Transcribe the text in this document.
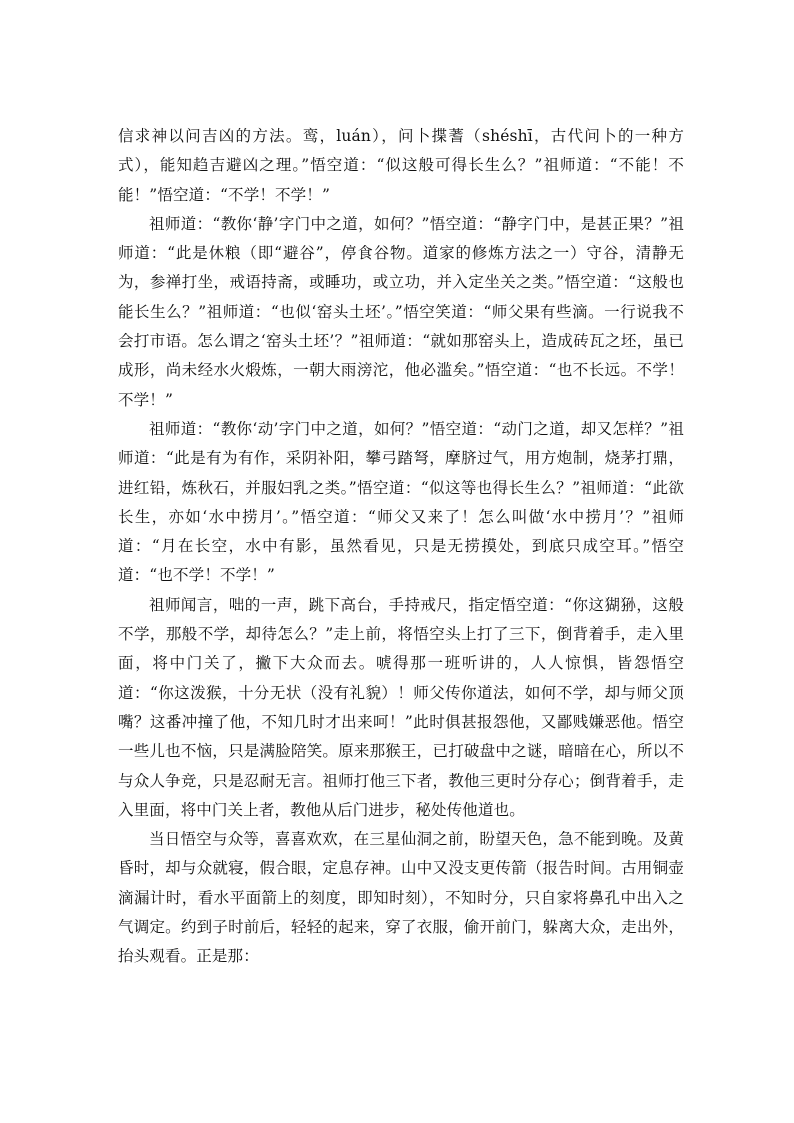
信求神以问吉凶的方法。鸾，luán），问卜揲蓍（shéshī，古代问卜的一种方式），能知趋吉避凶之理。”悟空道：“似这般可得长生么？”祖师道：“不能！不能！”悟空道：“不学！不学！”

祖师道：“教你‘静’字门中之道，如何？”悟空道：“静字门中，是甚正果？”祖师道：“此是休粮（即“避谷”，停食谷物。道家的修炼方法之一）守谷，清静无为，参禅打坐，戒语持斋，或睡功，或立功，并入定坐关之类。”悟空道：“这般也能长生么？”祖师道：“也似‘窑头土坯’。”悟空笑道：“师父果有些滴。一行说我不会打市语。怎么谓之‘窑头土坯’？”祖师道：“就如那窑头上，造成砖瓦之坯，虽已成形，尚未经水火煅炼，一朝大雨滂沱，他必滥矣。”悟空道：“也不长远。不学！不学！”

祖师道：“教你‘动’字门中之道，如何？”悟空道：“动门之道，却又怎样？”祖师道：“此是有为有作，采阴补阳，攀弓踏弩，摩脐过气，用方炮制，烧茅打鼎，进红铅，炼秋石，并服妇乳之类。”悟空道：“似这等也得长生么？”祖师道：“此欲长生，亦如‘水中捞月’。”悟空道：“师父又来了！怎么叫做‘水中捞月’？”祖师道：“月在长空，水中有影，虽然看见，只是无捞摸处，到底只成空耳。”悟空道：“也不学！不学！”

祖师闻言，咄的一声，跳下高台，手持戒尺，指定悟空道：“你这猢狲，这般不学，那般不学，却待怎么？”走上前，将悟空头上打了三下，倒背着手，走入里面，将中门关了，撇下大众而去。唬得那一班听讲的，人人惊惧，皆怨悟空道：“你这泼猴，十分无状（没有礼貌）！师父传你道法，如何不学，却与师父顶嘴？这番冲撞了他，不知几时才出来呵！”此时俱甚报怨他，又鄙贱嫌恶他。悟空一些儿也不恼，只是满脸陪笑。原来那猴王，已打破盘中之谜，暗暗在心，所以不与众人争竞，只是忍耐无言。祖师打他三下者，教他三更时分存心；倒背着手，走入里面，将中门关上者，教他从后门进步，秘处传他道也。

当日悟空与众等，喜喜欢欢，在三星仙洞之前，盼望天色，急不能到晚。及黄昏时，却与众就寝，假合眼，定息存神。山中又没支更传箭（报告时间。古用铜壶滴漏计时，看水平面箭上的刻度，即知时刻），不知时分，只自家将鼻孔中出入之气调定。约到子时前后，轻轻的起来，穿了衣服，偷开前门，躲离大众，走出外，抬头观看。正是那：
